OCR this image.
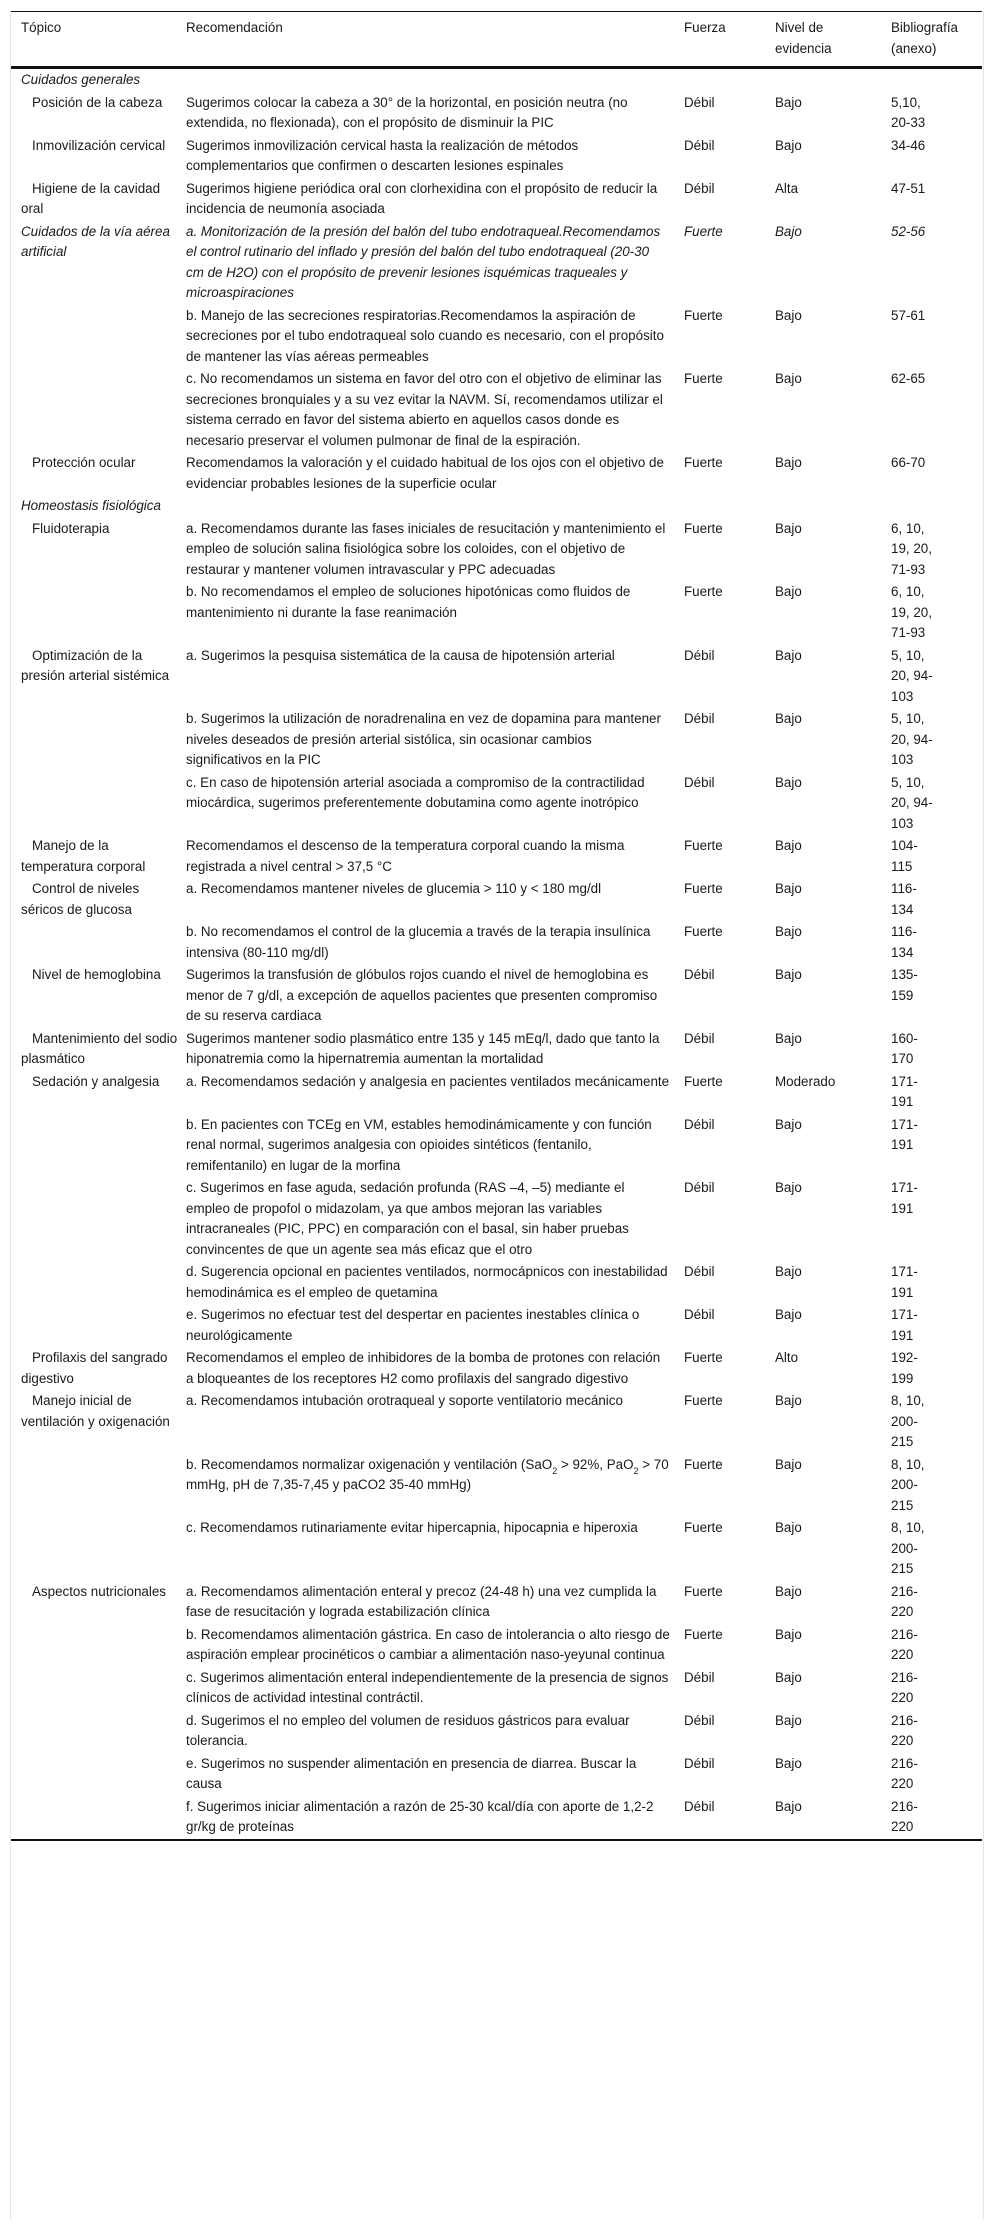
Tópico	Recomendación	Fuerza	Nivel de evidencia	Bibliografía (anexo)

Cuidados generales				

Posición de la cabeza	Sugerimos colocar la cabeza a 30° de la horizontal, en posición neutra (no extendida, no flexionada), con el propósito de disminuir la PIC	Débil	Bajo	5,10, 20-33

Inmovilización cervical	Sugerimos inmovilización cervical hasta la realización de métodos complementarios que confirmen o descarten lesiones espinales	Débil	Bajo	34-46

Higiene de la cavidad oral	Sugerimos higiene periódica oral con clorhexidina con el propósito de reducir la incidencia de neumonía asociada	Débil	Alta	47-51

Cuidados de la vía aérea artificial	a. Monitorización de la presión del balón del tubo endotraqueal.Recomendamos el control rutinario del inflado y presión del balón del tubo endotraqueal (20-30 cm de H2O) con el propósito de prevenir lesiones isquémicas traqueales y microaspiraciones	Fuerte	Bajo	52-56

	b. Manejo de las secreciones respiratorias.Recomendamos la aspiración de secreciones por el tubo endotraqueal solo cuando es necesario, con el propósito de mantener las vías aéreas permeables	Fuerte	Bajo	57-61

	c. No recomendamos un sistema en favor del otro con el objetivo de eliminar las secreciones bronquiales y a su vez evitar la NAVM. Sí, recomendamos utilizar el sistema cerrado en favor del sistema abierto en aquellos casos donde es necesario preservar el volumen pulmonar de final de la espiración.	Fuerte	Bajo	62-65

Protección ocular	Recomendamos la valoración y el cuidado habitual de los ojos con el objetivo de evidenciar probables lesiones de la superficie ocular	Fuerte	Bajo	66-70

Homeostasis fisiológica				

Fluidoterapia	a. Recomendamos durante las fases iniciales de resucitación y mantenimiento el empleo de solución salina fisiológica sobre los coloides, con el objetivo de restaurar y mantener volumen intravascular y PPC adecuadas	Fuerte	Bajo	6, 10, 19, 20, 71-93

	b. No recomendamos el empleo de soluciones hipotónicas como fluidos de mantenimiento ni durante la fase reanimación	Fuerte	Bajo	6, 10, 19, 20, 71-93

Optimización de la presión arterial sistémica	a. Sugerimos la pesquisa sistemática de la causa de hipotensión arterial	Débil	Bajo	5, 10, 20, 94-103

	b. Sugerimos la utilización de noradrenalina en vez de dopamina para mantener niveles deseados de presión arterial sistólica, sin ocasionar cambios significativos en la PIC	Débil	Bajo	5, 10, 20, 94-103

	c. En caso de hipotensión arterial asociada a compromiso de la contractilidad miocárdica, sugerimos preferentemente dobutamina como agente inotrópico	Débil	Bajo	5, 10, 20, 94-103

Manejo de la temperatura corporal	Recomendamos el descenso de la temperatura corporal cuando la misma registrada a nivel central > 37,5 °C	Fuerte	Bajo	104-115

Control de niveles séricos de glucosa	a. Recomendamos mantener niveles de glucemia > 110 y < 180 mg/dl	Fuerte	Bajo	116-134

	b. No recomendamos el control de la glucemia a través de la terapia insulínica intensiva (80-110 mg/dl)	Fuerte	Bajo	116-134

Nivel de hemoglobina	Sugerimos la transfusión de glóbulos rojos cuando el nivel de hemoglobina es menor de 7 g/dl, a excepción de aquellos pacientes que presenten compromiso de su reserva cardiaca	Débil	Bajo	135-159

Mantenimiento del sodio plasmático	Sugerimos mantener sodio plasmático entre 135 y 145 mEq/l, dado que tanto la hiponatremia como la hipernatremia aumentan la mortalidad	Débil	Bajo	160-170

Sedación y analgesia	a. Recomendamos sedación y analgesia en pacientes ventilados mecánicamente	Fuerte	Moderado	171-191

	b. En pacientes con TCEg en VM, estables hemodinámicamente y con función renal normal, sugerimos analgesia con opioides sintéticos (fentanilo, remifentanilo) en lugar de la morfina	Débil	Bajo	171-191

	c. Sugerimos en fase aguda, sedación profunda (RAS –4, –5) mediante el empleo de propofol o midazolam, ya que ambos mejoran las variables intracraneales (PIC, PPC) en comparación con el basal, sin haber pruebas convincentes de que un agente sea más eficaz que el otro	Débil	Bajo	171-191

	d. Sugerencia opcional en pacientes ventilados, normocápnicos con inestabilidad hemodinámica es el empleo de quetamina	Débil	Bajo	171-191

	e. Sugerimos no efectuar test del despertar en pacientes inestables clínica o neurológicamente	Débil	Bajo	171-191

Profilaxis del sangrado digestivo	Recomendamos el empleo de inhibidores de la bomba de protones con relación a bloqueantes de los receptores H2 como profilaxis del sangrado digestivo	Fuerte	Alto	192-199

Manejo inicial de ventilación y oxigenación	a. Recomendamos intubación orotraqueal y soporte ventilatorio mecánico	Fuerte	Bajo	8, 10, 200-215

	b. Recomendamos normalizar oxigenación y ventilación (SaO$_2$ > 92%, PaO$_2$ > 70 mmHg, pH de 7,35-7,45 y paCO2 35-40 mmHg)	Fuerte	Bajo	8, 10, 200-215

	c. Recomendamos rutinariamente evitar hipercapnia, hipocapnia e hiperoxia	Fuerte	Bajo	8, 10, 200-215

Aspectos nutricionales	a. Recomendamos alimentación enteral y precoz (24-48 h) una vez cumplida la fase de resucitación y lograda estabilización clínica	Fuerte	Bajo	216-220

	b. Recomendamos alimentación gástrica. En caso de intolerancia o alto riesgo de aspiración emplear procinéticos o cambiar a alimentación naso-yeyunal continua	Fuerte	Bajo	216-220

	c. Sugerimos alimentación enteral independientemente de la presencia de signos clínicos de actividad intestinal contráctil.	Débil	Bajo	216-220

	d. Sugerimos el no empleo del volumen de residuos gástricos para evaluar tolerancia.	Débil	Bajo	216-220

	e. Sugerimos no suspender alimentación en presencia de diarrea. Buscar la causa	Débil	Bajo	216-220

	f. Sugerimos iniciar alimentación a razón de 25-30 kcal/día con aporte de 1,2-2 gr/kg de proteínas	Débil	Bajo	216-220
